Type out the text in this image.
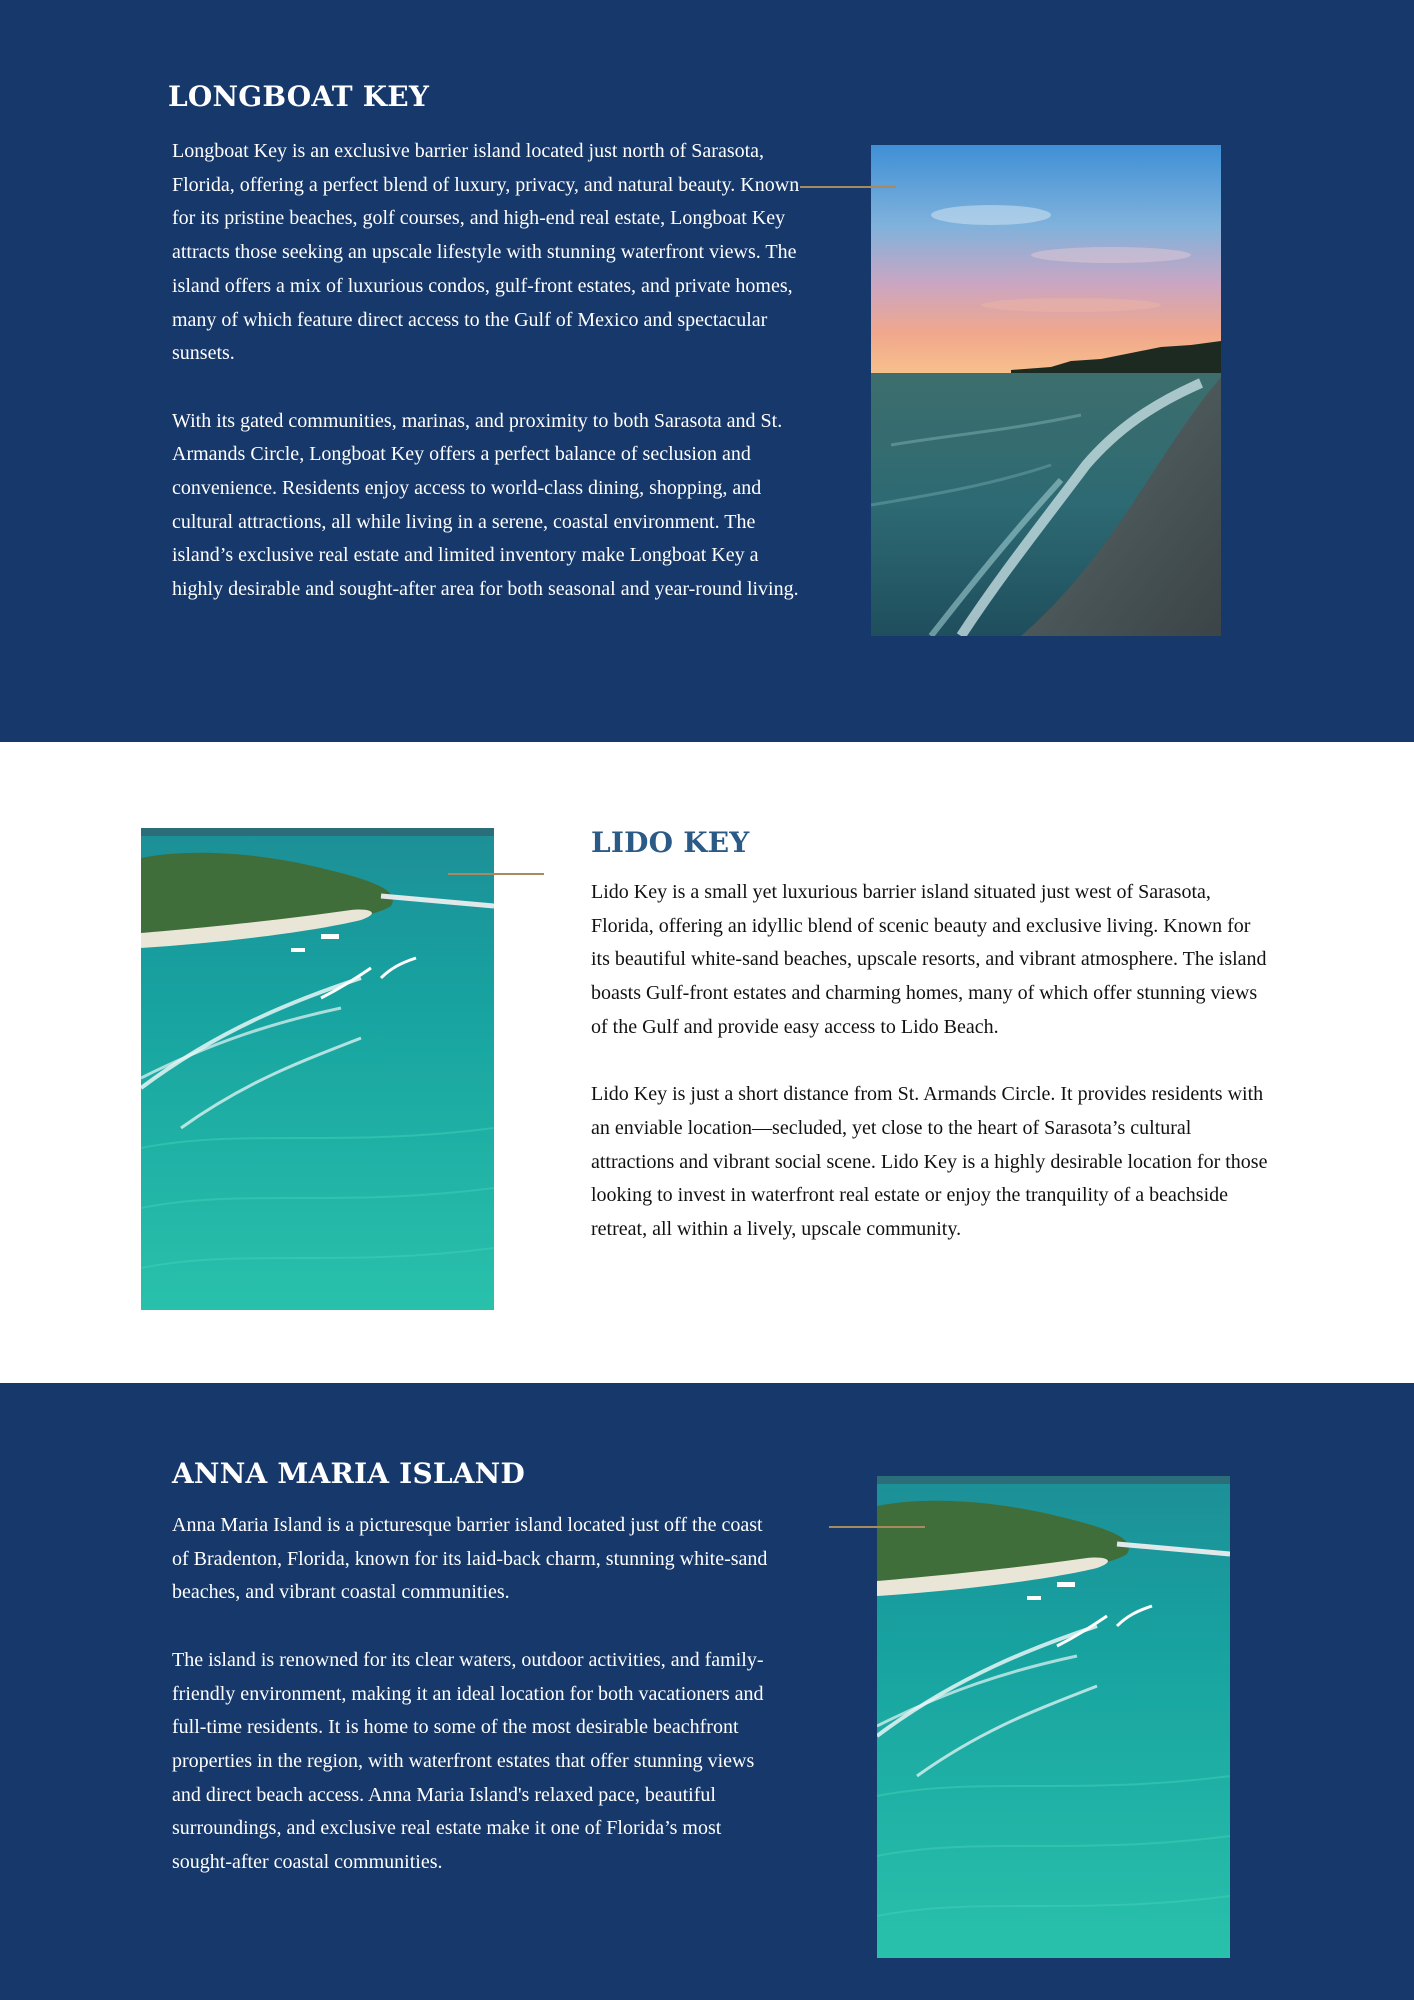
LONGBOAT KEY

Longboat Key is an exclusive barrier island located just north of Sarasota, Florida, offering a perfect blend of luxury, privacy, and natural beauty. Known for its pristine beaches, golf courses, and high-end real estate, Longboat Key attracts those seeking an upscale lifestyle with stunning waterfront views. The island offers a mix of luxurious condos, gulf-front estates, and private homes, many of which feature direct access to the Gulf of Mexico and spectacular sunsets.

With its gated communities, marinas, and proximity to both Sarasota and St. Armands Circle, Longboat Key offers a perfect balance of seclusion and convenience. Residents enjoy access to world-class dining, shopping, and cultural attractions, all while living in a serene, coastal environment. The island’s exclusive real estate and limited inventory make Longboat Key a highly desirable and sought-after area for both seasonal and year-round living.

LIDO KEY

Lido Key is a small yet luxurious barrier island situated just west of Sarasota, Florida, offering an idyllic blend of scenic beauty and exclusive living. Known for its beautiful white-sand beaches, upscale resorts, and vibrant atmosphere. The island boasts Gulf-front estates and charming homes, many of which offer stunning views of the Gulf and provide easy access to Lido Beach.

Lido Key is just a short distance from St. Armands Circle. It provides residents with an enviable location—secluded, yet close to the heart of Sarasota’s cultural attractions and vibrant social scene. Lido Key is a highly desirable location for those looking to invest in waterfront real estate or enjoy the tranquility of a beachside retreat, all within a lively, upscale community.

ANNA MARIA ISLAND

Anna Maria Island is a picturesque barrier island located just off the coast of Bradenton, Florida, known for its laid-back charm, stunning white-sand beaches, and vibrant coastal communities.

The island is renowned for its clear waters, outdoor activities, and family-friendly environment, making it an ideal location for both vacationers and full-time residents. It is home to some of the most desirable beachfront properties in the region, with waterfront estates that offer stunning views and direct beach access. Anna Maria Island's relaxed pace, beautiful surroundings, and exclusive real estate make it one of Florida’s most sought-after coastal communities.
